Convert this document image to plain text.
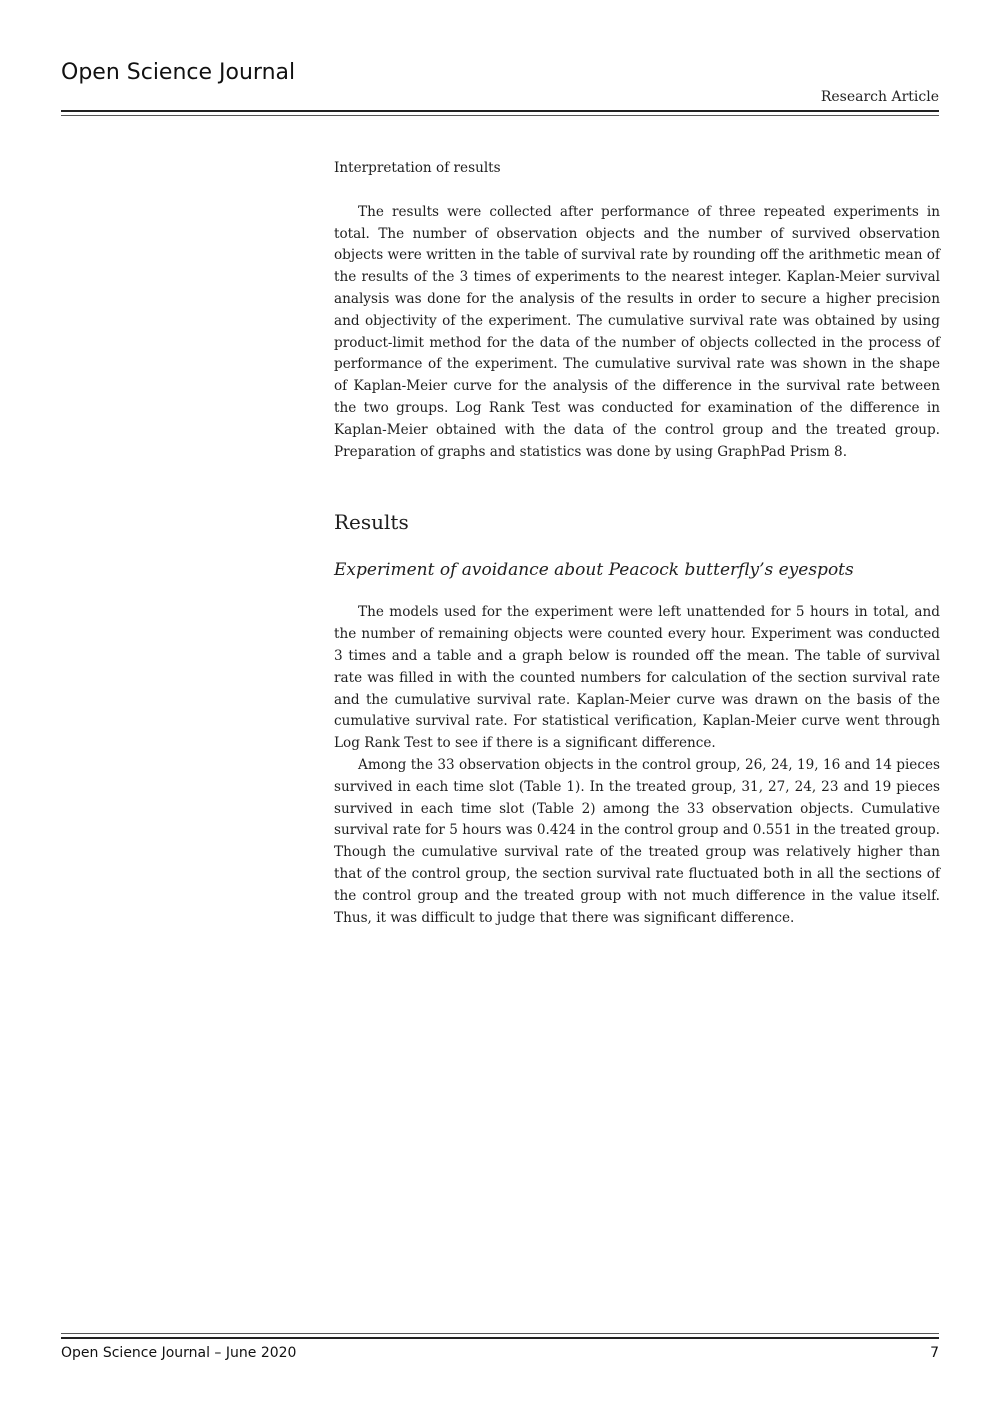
Open Science Journal
Research Article

Interpretation of results

The results were collected after performance of three repeated experiments in total. The number of observation objects and the number of survived observation objects were written in the table of survival rate by rounding off the arithmetic mean of the results of the 3 times of experiments to the nearest integer. Kaplan-Meier survival analysis was done for the analysis of the results in order to secure a higher precision and objectivity of the experiment. The cumulative survival rate was obtained by using product-limit method for the data of the number of objects collected in the process of performance of the experiment. The cumulative survival rate was shown in the shape of Kaplan-Meier curve for the analysis of the difference in the survival rate between the two groups. Log Rank Test was conducted for examination of the difference in Kaplan-Meier obtained with the data of the control group and the treated group. Preparation of graphs and statistics was done by using GraphPad Prism 8.

Results
Experiment of avoidance about Peacock butterfly’s eyespots

The models used for the experiment were left unattended for 5 hours in total, and the number of remaining objects were counted every hour. Experiment was conducted 3 times and a table and a graph below is rounded off the mean. The table of survival rate was filled in with the counted numbers for calculation of the section survival rate and the cumulative survival rate. Kaplan-Meier curve was drawn on the basis of the cumulative survival rate. For statistical verification, Kaplan-Meier curve went through Log Rank Test to see if there is a significant difference.

Among the 33 observation objects in the control group, 26, 24, 19, 16 and 14 pieces survived in each time slot (Table 1). In the treated group, 31, 27, 24, 23 and 19 pieces survived in each time slot (Table 2) among the 33 observation objects. Cumulative survival rate for 5 hours was 0.424 in the control group and 0.551 in the treated group. Though the cumulative survival rate of the treated group was relatively higher than that of the control group, the section survival rate fluctuated both in all the sections of the control group and the treated group with not much difference in the value itself. Thus, it was difficult to judge that there was significant difference.

Open Science Journal – June 2020	7
